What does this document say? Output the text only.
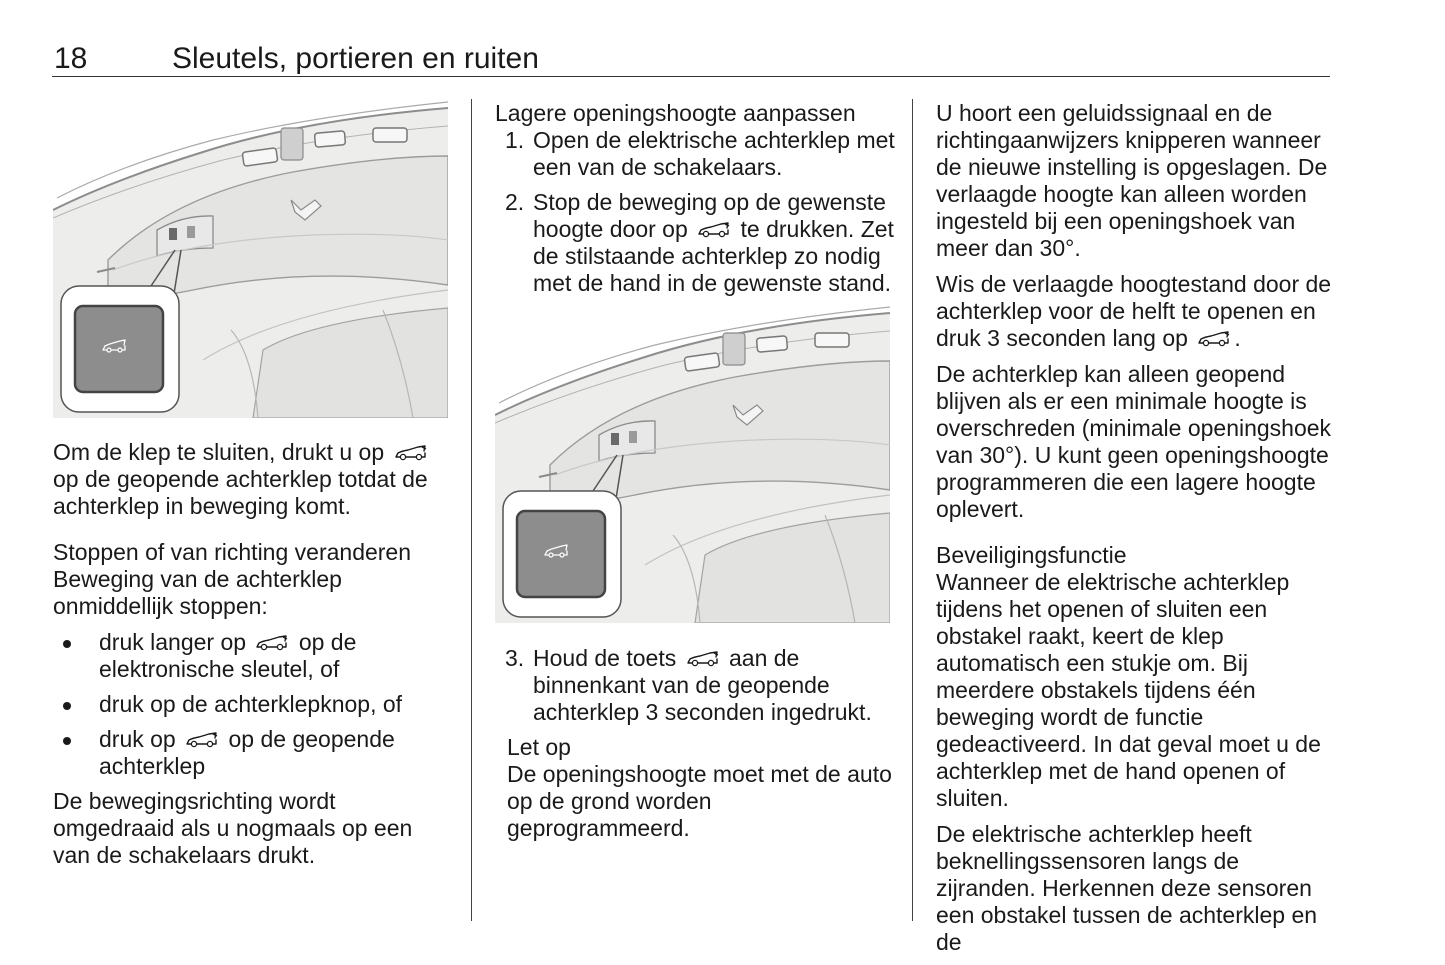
18	Sleutels, portieren en ruiten

Om de klep te sluiten, drukt u op  op de geopende achterklep totdat de achterklep in beweging komt.

Stoppen of van richting veranderen

Beweging van de achterklep onmiddellijk stoppen:

druk langer op op de elektronische sleutel, of
druk op de achterklepknop, of
druk op op de geopende achterklep

De bewegingsrichting wordt omgedraaid als u nogmaals op een van de schakelaars drukt.

Lagere openingshoogte aanpassen
1. Open de elektrische achterklep met een van de schakelaars.
2. Stop de beweging op de gewenste hoogte door op te drukken. Zet de stilstaande achterklep zo nodig met de hand in de gewenste stand.
3. Houd de toets aan de binnenkant van de geopende achterklep 3 seconden ingedrukt.
Let op

De openingshoogte moet met de auto op de grond worden geprogrammeerd.

U hoort een geluidssignaal en de richtingaanwijzers knipperen wanneer de nieuwe instelling is opgeslagen. De verlaagde hoogte kan alleen worden ingesteld bij een openingshoek van meer dan 30°.

Wis de verlaagde hoogtestand door de achterklep voor de helft te openen en druk 3 seconden lang op .

De achterklep kan alleen geopend blijven als er een minimale hoogte is overschreden (minimale openingshoek van 30°). U kunt geen openingshoogte programmeren die een lagere hoogte oplevert.

Beveiligingsfunctie

Wanneer de elektrische achterklep tijdens het openen of sluiten een obstakel raakt, keert de klep automatisch een stukje om. Bij meerdere obstakels tijdens één beweging wordt de functie gedeactiveerd. In dat geval moet u de achterklep met de hand openen of sluiten.

De elektrische achterklep heeft beknellingssensoren langs de zijranden. Herkennen deze sensoren een obstakel tussen de achterklep en de
